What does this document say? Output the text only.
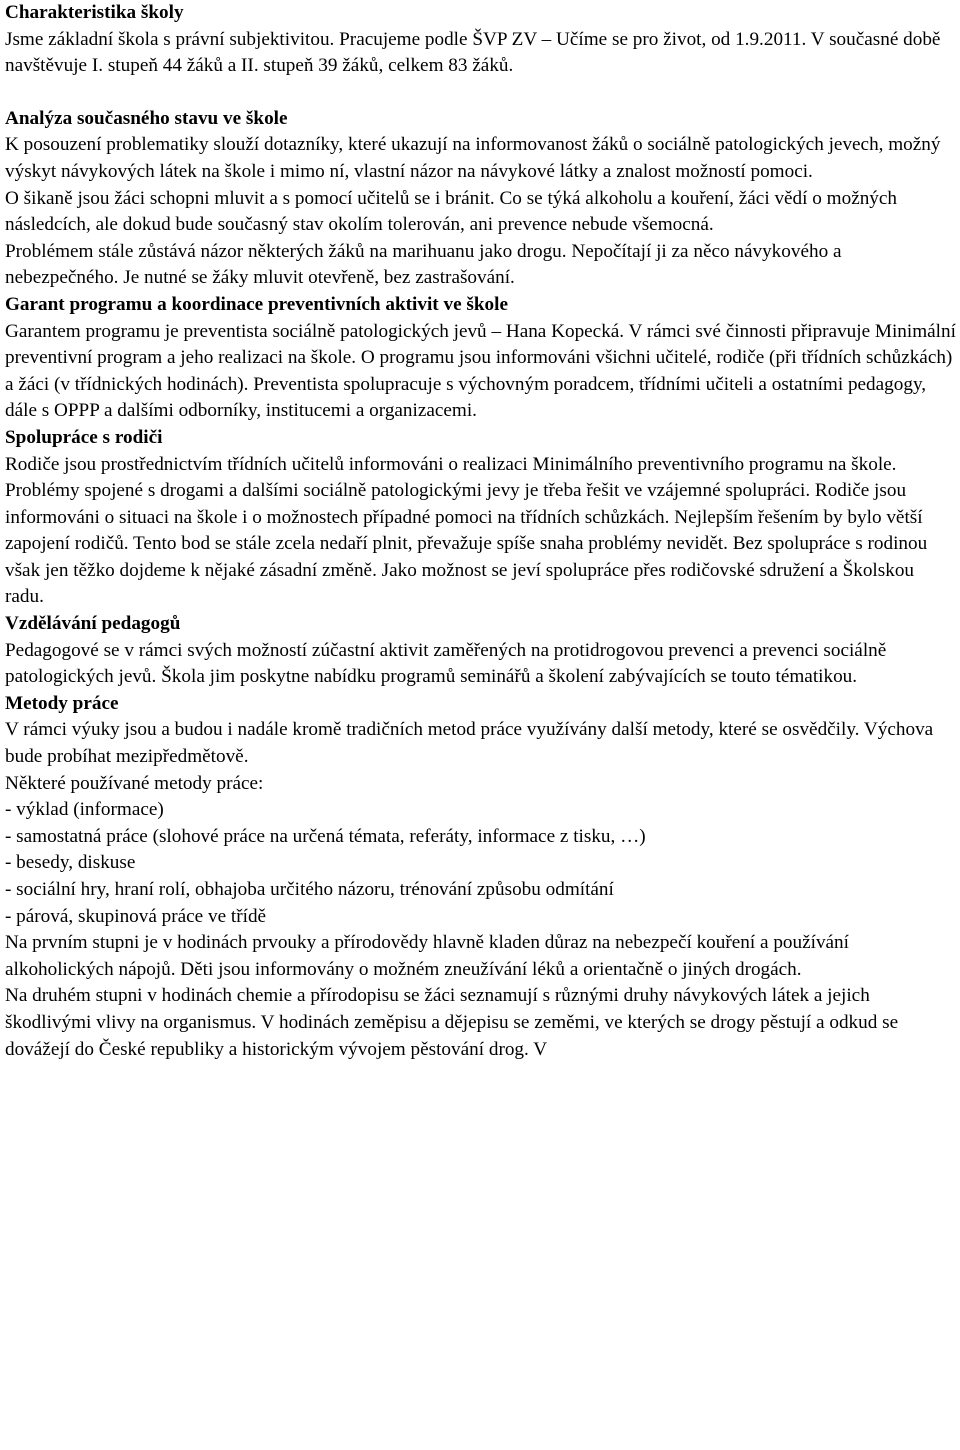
Charakteristika školy

Jsme základní škola s právní subjektivitou. Pracujeme podle ŠVP ZV – Učíme se pro život, od 1.9.2011. V současné době navštěvuje I. stupeň 44 žáků a II. stupeň 39 žáků, celkem 83 žáků.

Analýza současného stavu ve škole

K posouzení problematiky slouží dotazníky, které ukazují na informovanost žáků o sociálně patologických jevech, možný výskyt návykových látek na škole i mimo ní, vlastní názor na návykové látky a znalost možností pomoci.

O šikaně jsou žáci schopni mluvit a s pomocí učitelů se i bránit. Co se týká alkoholu a kouření, žáci vědí o možných následcích, ale dokud bude současný stav okolím tolerován, ani prevence nebude všemocná.

Problémem stále zůstává názor některých žáků na marihuanu jako drogu. Nepočítají ji za něco návykového a nebezpečného. Je nutné se žáky mluvit otevřeně, bez zastrašování.

Garant programu a koordinace preventivních aktivit ve škole

Garantem programu je preventista sociálně patologických jevů – Hana Kopecká. V rámci své činnosti připravuje Minimální preventivní program a jeho realizaci na škole. O programu jsou informováni všichni učitelé, rodiče (při třídních schůzkách) a žáci (v třídnických hodinách). Preventista spolupracuje s výchovným poradcem, třídními učiteli a ostatními pedagogy, dále s OPPP a dalšími odborníky, institucemi a organizacemi.

Spolupráce s rodiči

Rodiče jsou prostřednictvím třídních učitelů informováni o realizaci Minimálního preventivního programu na škole. Problémy spojené s drogami a dalšími sociálně patologickými jevy je třeba řešit ve vzájemné spolupráci. Rodiče jsou informováni o situaci na škole i o možnostech případné pomoci na třídních schůzkách. Nejlepším řešením by bylo větší zapojení rodičů. Tento bod se stále zcela nedaří plnit, převažuje spíše snaha problémy nevidět. Bez spolupráce s rodinou však jen těžko dojdeme k nějaké zásadní změně. Jako možnost se jeví spolupráce přes rodičovské sdružení a Školskou radu.

Vzdělávání pedagogů

Pedagogové se v rámci svých možností zúčastní aktivit zaměřených na protidrogovou prevenci a prevenci sociálně patologických jevů. Škola jim poskytne nabídku programů seminářů a školení zabývajících se touto tématikou.

Metody práce

V rámci výuky jsou a budou i nadále kromě tradičních metod práce využívány další metody, které se osvědčily. Výchova bude probíhat mezipředmětově.

Některé používané metody práce:

- výklad (informace)
- samostatná práce (slohové práce na určená témata, referáty, informace z tisku, …)
- besedy, diskuse
- sociální hry, hraní rolí, obhajoba určitého názoru, trénování způsobu odmítání
- párová, skupinová práce ve třídě

Na prvním stupni je v hodinách prvouky a přírodovědy hlavně kladen důraz na nebezpečí kouření a používání alkoholických nápojů. Děti jsou informovány o možném zneužívání léků a orientačně o jiných drogách.

Na druhém stupni v hodinách chemie a přírodopisu se žáci seznamují s různými druhy návykových látek a jejich škodlivými vlivy na organismus. V hodinách zeměpisu a dějepisu se zeměmi, ve kterých se drogy pěstují a odkud se dovážejí do České republiky a historickým vývojem pěstování drog. V
